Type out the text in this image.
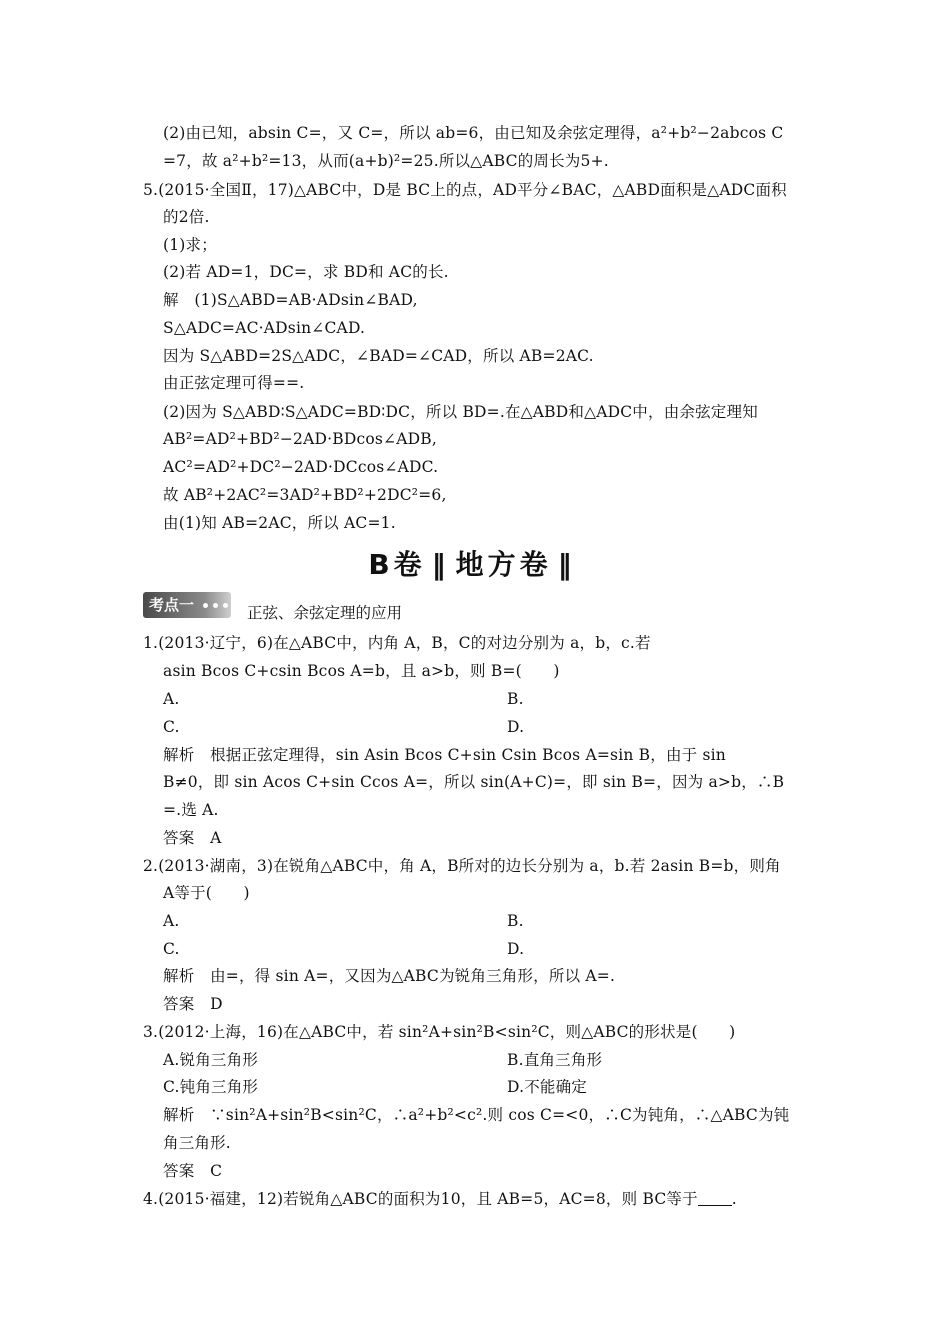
(2)由已知，absin C=，又 C=，所以 ab=6，由已知及余弦定理得，a²+b²−2abcos C
=7，故 a²+b²=13，从而(a+b)²=25.所以△ABC的周长为5+.
5.(2015·全国Ⅱ，17)△ABC中，D是 BC上的点，AD平分∠BAC，△ABD面积是△ADC面积
的2倍.
(1)求；
(2)若 AD=1，DC=，求 BD和 AC的长.
解　(1)S△ABD=AB·ADsin∠BAD,
S△ADC=AC·ADsin∠CAD.
因为 S△ABD=2S△ADC，∠BAD=∠CAD，所以 AB=2AC.
由正弦定理可得==.
(2)因为 S△ABD∶S△ADC=BD∶DC，所以 BD=.在△ABD和△ADC中，由余弦定理知
AB²=AD²+BD²−2AD·BDcos∠ADB,
AC²=AD²+DC²−2AD·DCcos∠ADC.
故 AB²+2AC²=3AD²+BD²+2DC²=6,
由(1)知 AB=2AC，所以 AC=1.
B卷 ‖ 地方卷 ‖
考点一	正弦、余弦定理的应用
1.(2013·辽宁，6)在△ABC中，内角 A，B，C的对边分别为 a，b，c.若
asin Bcos C+csin Bcos A=b，且 a>b，则 B=(　　)
A.	B.
C.	D.
解析　根据正弦定理得，sin Asin Bcos C+sin Csin Bcos A=sin B，由于 sin
B≠0，即 sin Acos C+sin Ccos A=，所以 sin(A+C)=，即 sin B=，因为 a>b，∴B
=.选 A.
答案　A
2.(2013·湖南，3)在锐角△ABC中，角 A，B所对的边长分别为 a，b.若 2asin B=b，则角
A等于(　　)
A.	B.
C.	D.
解析　由=，得 sin A=，又因为△ABC为锐角三角形，所以 A=.
答案　D
3.(2012·上海，16)在△ABC中，若 sin²A+sin²B<sin²C，则△ABC的形状是(　　)
A.锐角三角形	B.直角三角形
C.钝角三角形	D.不能确定
解析　∵sin²A+sin²B<sin²C，∴a²+b²<c².则 cos C=<0，∴C为钝角，∴△ABC为钝
角三角形.
答案　C
4.(2015·福建，12)若锐角△ABC的面积为10，且 AB=5，AC=8，则 BC等于 .
